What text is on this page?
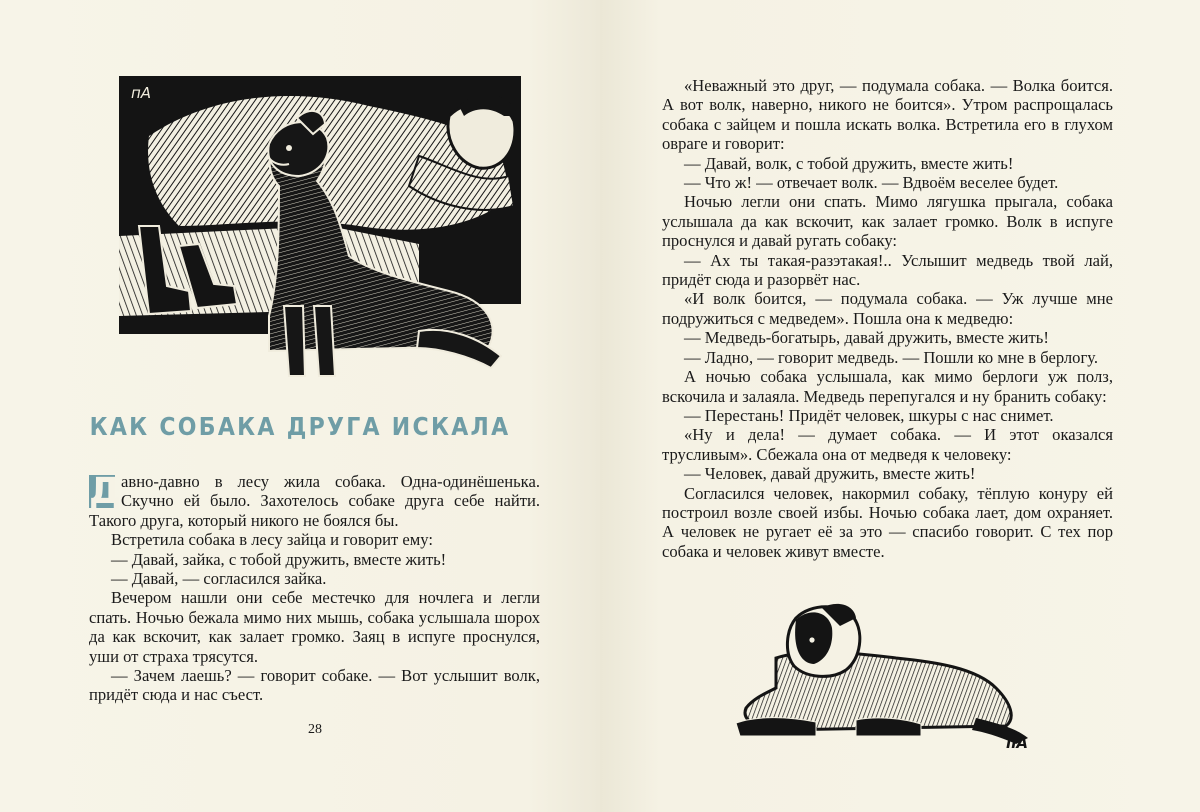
пА
КАК СОБАКА ДРУГА ИСКАЛА

Д авно-давно в лесу жила собака. Одна-одинёшенька. Скучно ей было. Захотелось собаке друга себе найти. Такого друга, который никого не боялся бы.

Встретила собака в лесу зайца и говорит ему:

— Давай, зайка, с тобой дружить, вместе жить!

— Давай, — согласился зайка.

Вечером нашли они себе местечко для ночлега и легли спать. Ночью бежала мимо них мышь, собака услышала шорох да как вскочит, как залает громко. Заяц в испуге проснулся, уши от страха трясутся.

— Зачем лаешь? — говорит собаке. — Вот услышит волк, придёт сюда и нас съест.

28

«Неважный это друг, — подумала собака. — Волка боится. А вот волк, наверно, никого не боится». Утром распрощалась собака с зайцем и пошла искать волка. Встретила его в глухом овраге и говорит:

— Давай, волк, с тобой дружить, вместе жить!

— Что ж! — отвечает волк. — Вдвоём веселее будет.

Ночью легли они спать. Мимо лягушка прыгала, собака услышала да как вскочит, как залает громко. Волк в испуге проснулся и давай ругать собаку:

— Ах ты такая-разэтакая!.. Услышит медведь твой лай, придёт сюда и разорвёт нас.

«И волк боится, — подумала собака. — Уж лучше мне подружиться с медведем». Пошла она к медведю:

— Медведь-богатырь, давай дружить, вместе жить!

— Ладно, — говорит медведь. — Пошли ко мне в берлогу.

А ночью собака услышала, как мимо берлоги уж полз, вскочила и залаяла. Медведь перепугался и ну бранить собаку:

— Перестань! Придёт человек, шкуры с нас снимет.

«Ну и дела! — думает собака. — И этот оказался трусливым». Сбежала она от медведя к человеку:

— Человек, давай дружить, вместе жить!

Согласился человек, накормил собаку, тёплую конуру ей построил возле своей избы. Ночью собака лает, дом охраняет. А человек не ругает её за это — спасибо говорит. С тех пор собака и человек живут вместе.

пА
